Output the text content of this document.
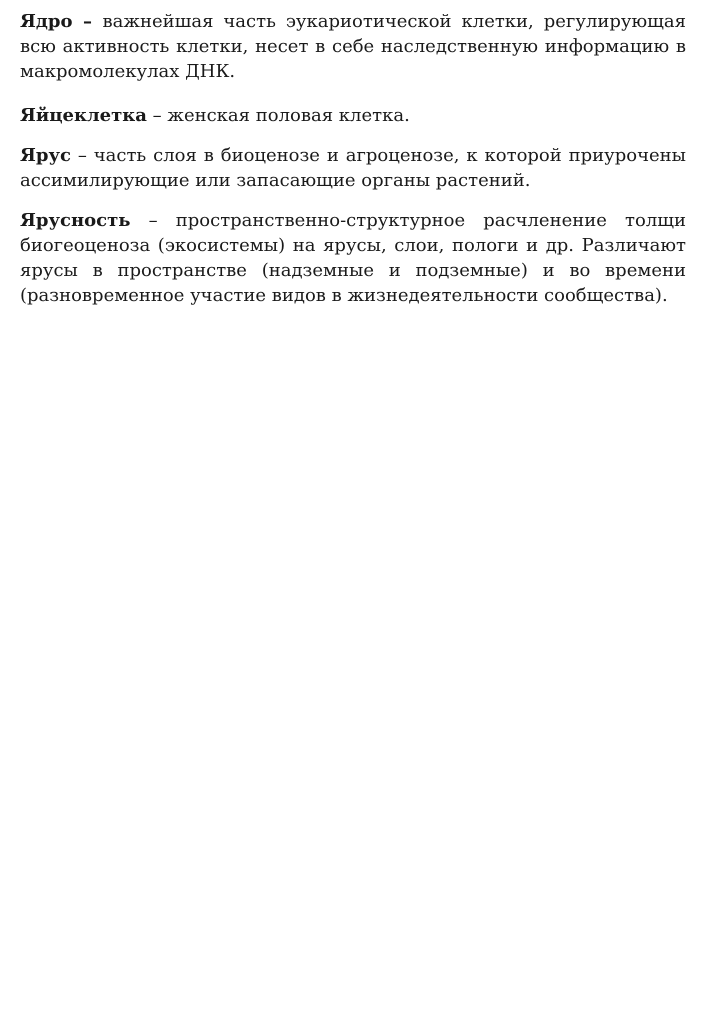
Ядро – важнейшая часть эукариотической клетки, регулирующая всю активность клетки, несет в себе наследственную информацию в макромолекулах ДНК.

Яйцеклетка – женская половая клетка.

Ярус – часть слоя в биоценозе и агроценозе, к которой приурочены ассимилирующие или запасающие органы растений.

Ярусность – пространственно-структурное расчленение толщи биогеоценоза (экосистемы) на ярусы, слои, пологи и др. Различают ярусы в пространстве (надземные и подземные) и во времени (разновременное участие видов в жизнедеятельности сообщества).
